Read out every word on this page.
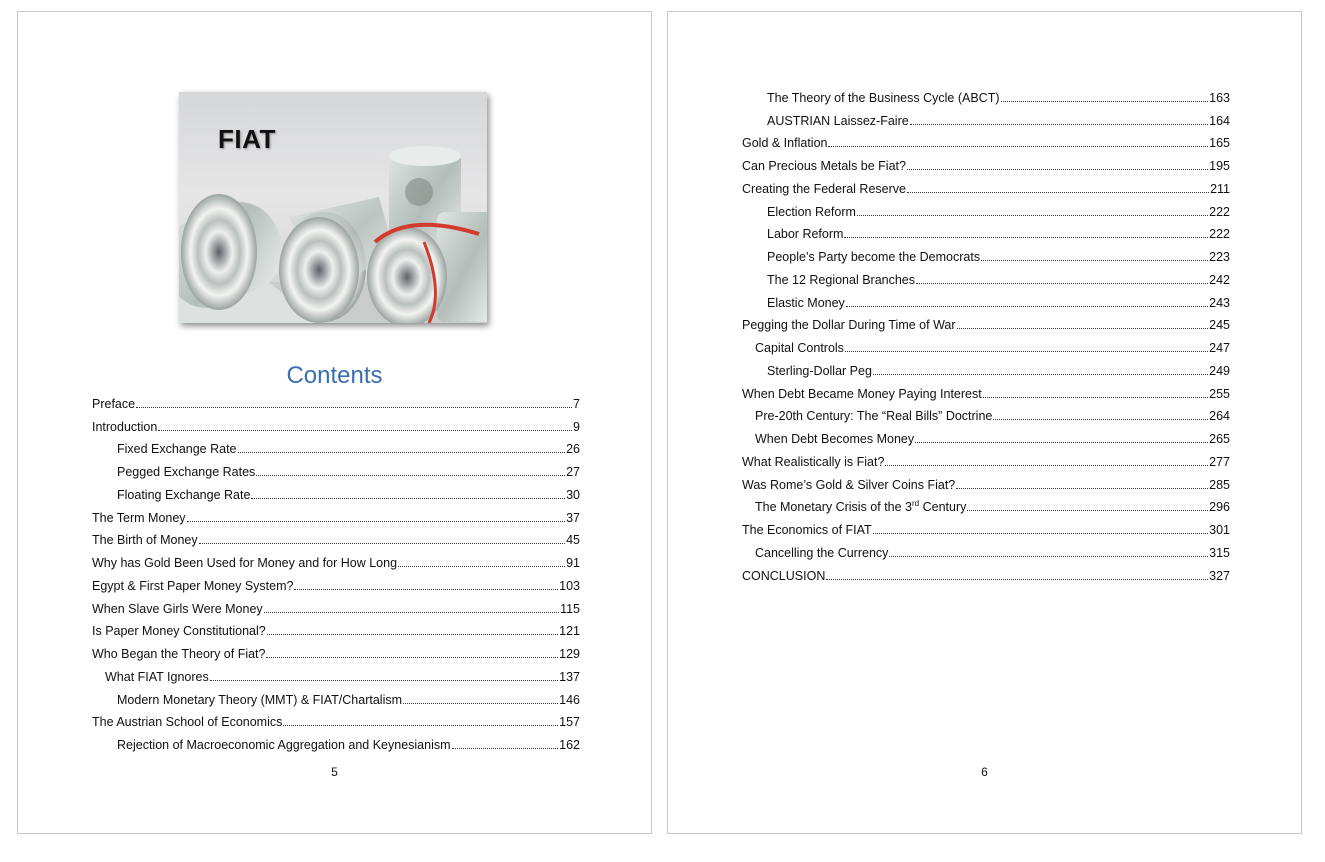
FIAT
Contents
Preface	7
Introduction	9
Fixed Exchange Rate	26
Pegged Exchange Rates	27
Floating Exchange Rate	30
The Term Money	37
The Birth of Money	45
Why has Gold Been Used for Money and for How Long	91
Egypt & First Paper Money System?	103
When Slave Girls Were Money	115
Is Paper Money Constitutional?	121
Who Began the Theory of Fiat?	129
What FIAT Ignores	137
Modern Monetary Theory (MMT) & FIAT/Chartalism	146
The Austrian School of Economics	157
Rejection of Macroeconomic Aggregation and Keynesianism	162
5
The Theory of the Business Cycle (ABCT)	163
AUSTRIAN Laissez-Faire	164
Gold & Inflation	165
Can Precious Metals be Fiat?	195
Creating the Federal Reserve	211
Election Reform	222
Labor Reform	222
People’s Party become the Democrats	223
The 12 Regional Branches	242
Elastic Money	243
Pegging the Dollar During Time of War	245
Capital Controls	247
Sterling-Dollar Peg	249
When Debt Became Money Paying Interest	255
Pre-20th Century: The “Real Bills” Doctrine	264
When Debt Becomes Money	265
What Realistically is Fiat?	277
Was Rome’s Gold & Silver Coins Fiat?	285
The Monetary Crisis of the 3rd Century	296
The Economics of FIAT	301
Cancelling the Currency	315
CONCLUSION	327
6
